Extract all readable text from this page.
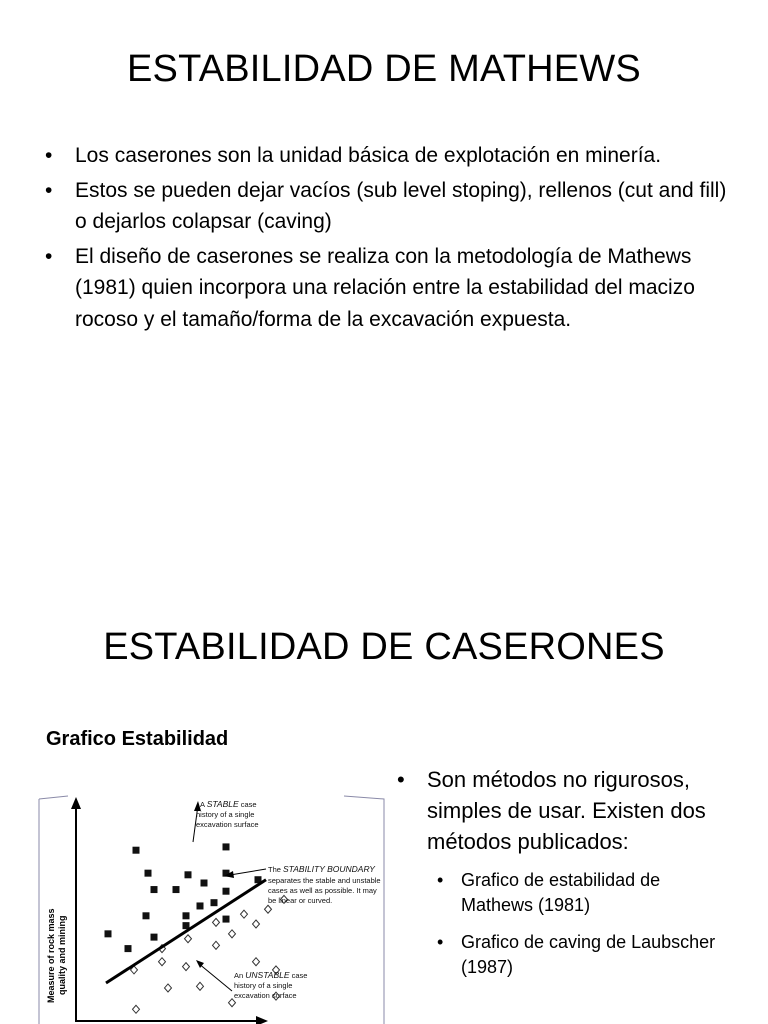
ESTABILIDAD DE MATHEWS
• Los caserones son la unidad básica de explotación en minería.
• Estos se pueden dejar vacíos (sub level stoping), rellenos (cut and fill) o dejarlos colapsar (caving)
• El diseño de caserones se realiza con la metodología de Mathews (1981) quien incorpora una relación entre la estabilidad del macizo rocoso y el tamaño/forma de la excavación expuesta.
ESTABILIDAD DE CASERONES
Grafico Estabilidad
Measure of rock mass quality and mining
A STABLE case
history of a single
excavation surface
The STABILITY BOUNDARY
separates the stable and unstable
cases as well as possible. It may
be linear or curved.
An UNSTABLE case
history of a single
excavation surface
• Son métodos no rigurosos, simples de usar. Existen dos métodos publicados:
• Grafico de estabilidad de Mathews (1981)
• Grafico de caving de Laubscher (1987)
